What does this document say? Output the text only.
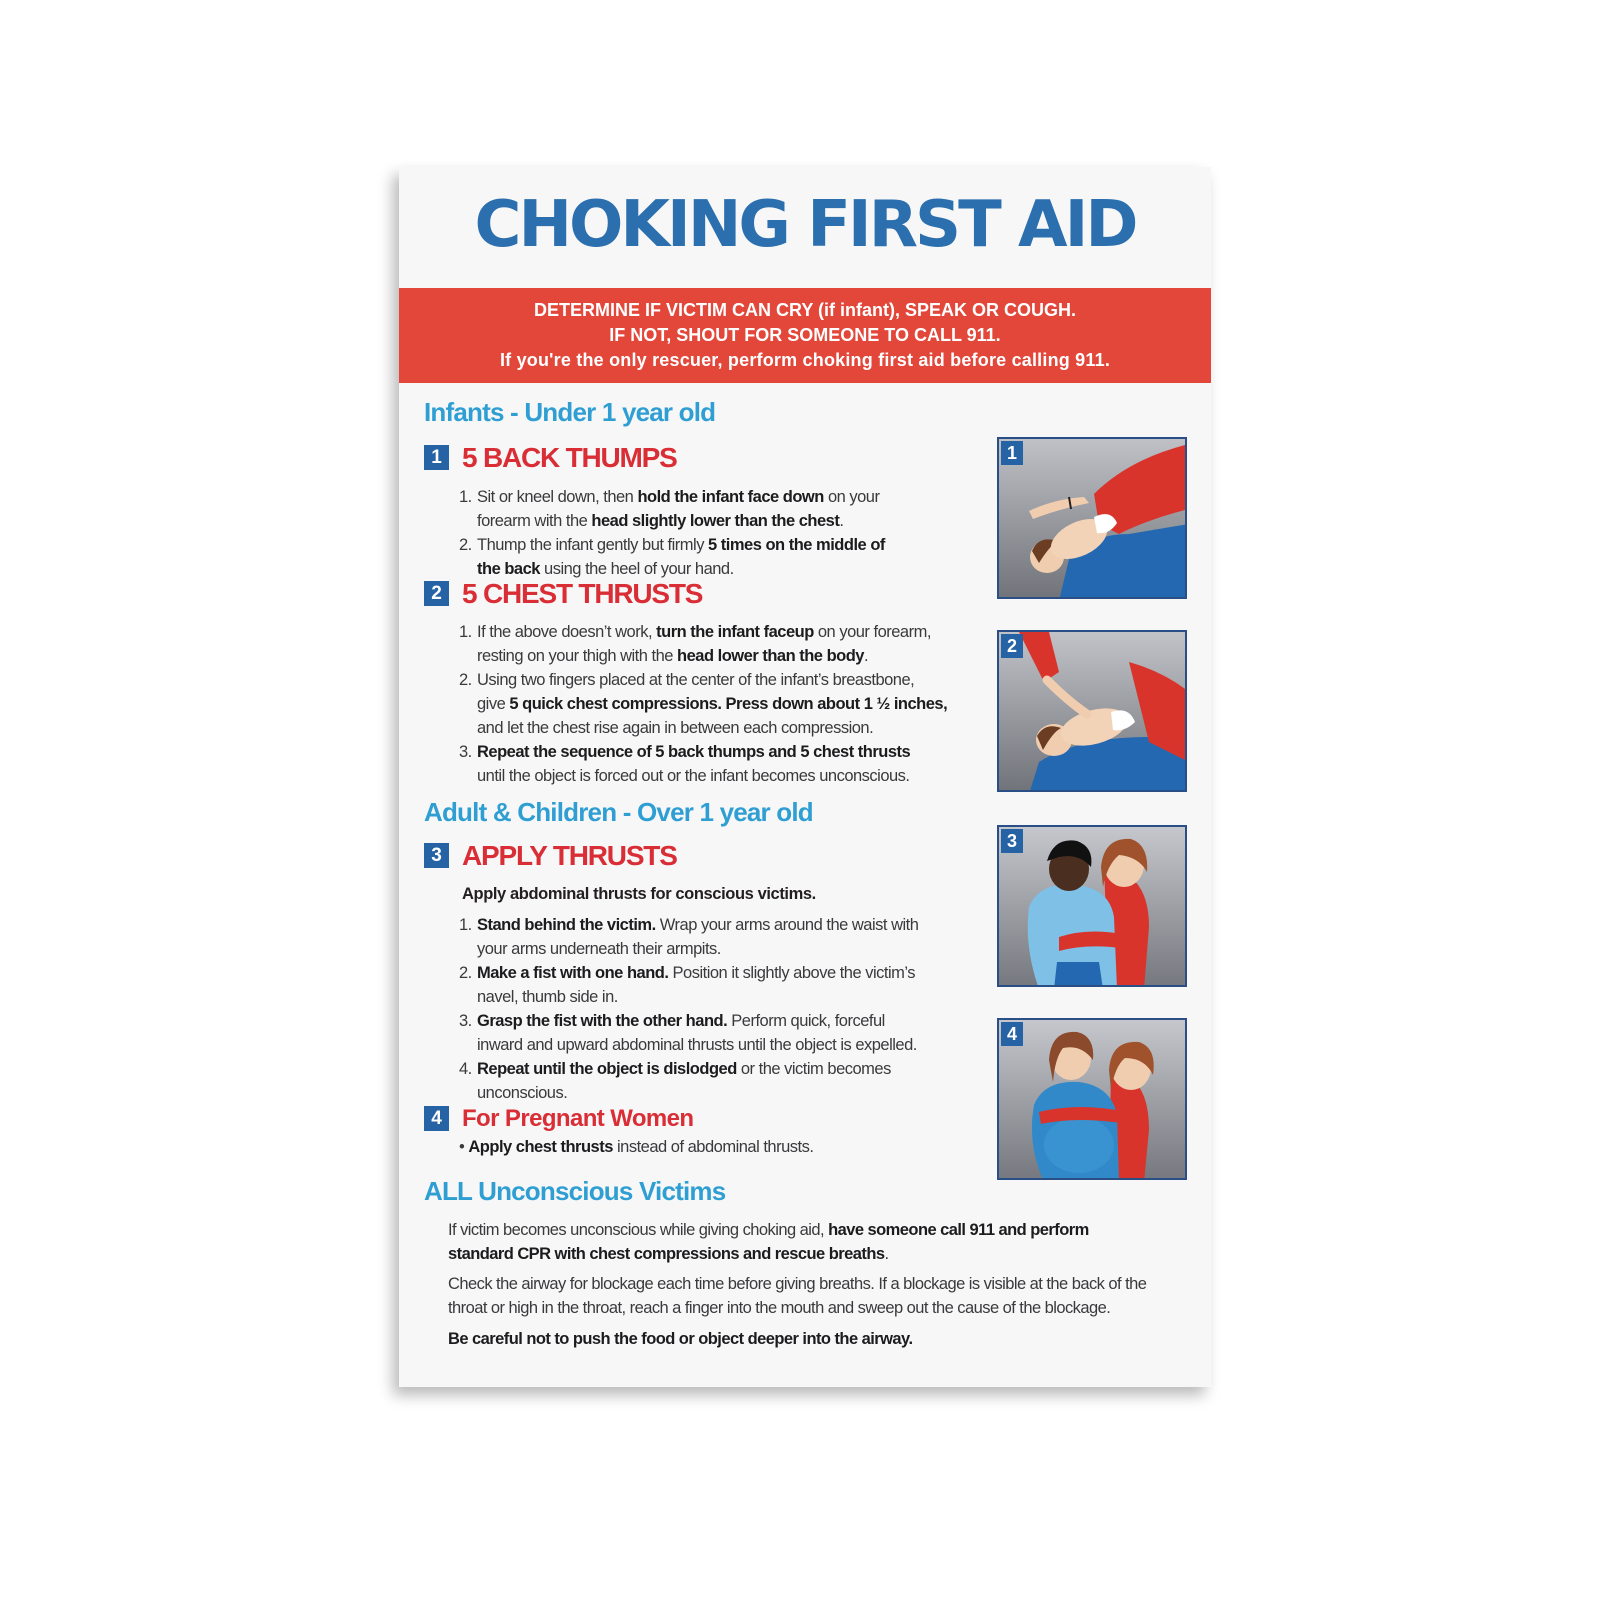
CHOKING FIRST AID
DETERMINE IF VICTIM CAN CRY (if infant), SPEAK OR COUGH.
IF NOT, SHOUT FOR SOMEONE TO CALL 911.
If you're the only rescuer, perform choking first aid before calling 911.
Infants - Under 1 year old
1 5 BACK THUMPS
1. Sit or kneel down, then hold the infant face down on your
forearm with the head slightly lower than the chest.
2. Thump the infant gently but firmly 5 times on the middle of
the back using the heel of your hand.
2 5 CHEST THRUSTS
1. If the above doesn’t work, turn the infant faceup on your forearm,
resting on your thigh with the head lower than the body.
2. Using two fingers placed at the center of the infant’s breastbone,
give 5 quick chest compressions. Press down about 1 ½ inches,
and let the chest rise again in between each compression.
3. Repeat the sequence of 5 back thumps and 5 chest thrusts
until the object is forced out or the infant becomes unconscious.
Adult & Children - Over 1 year old
3 APPLY THRUSTS
Apply abdominal thrusts for conscious victims.
1. Stand behind the victim. Wrap your arms around the waist with
your arms underneath their armpits.
2. Make a fist with one hand. Position it slightly above the victim’s
navel, thumb side in.
3. Grasp the fist with the other hand. Perform quick, forceful
inward and upward abdominal thrusts until the object is expelled.
4. Repeat until the object is dislodged or the victim becomes
unconscious.
4 For Pregnant Women
• Apply chest thrusts instead of abdominal thrusts.
ALL Unconscious Victims

If victim becomes unconscious while giving choking aid, have someone call 911 and perform
standard CPR with chest compressions and rescue breaths.

Check the airway for blockage each time before giving breaths. If a blockage is visible at the back of the
throat or high in the throat, reach a finger into the mouth and sweep out the cause of the blockage.

Be careful not to push the food or object deeper into the airway.

1
2
3
4
